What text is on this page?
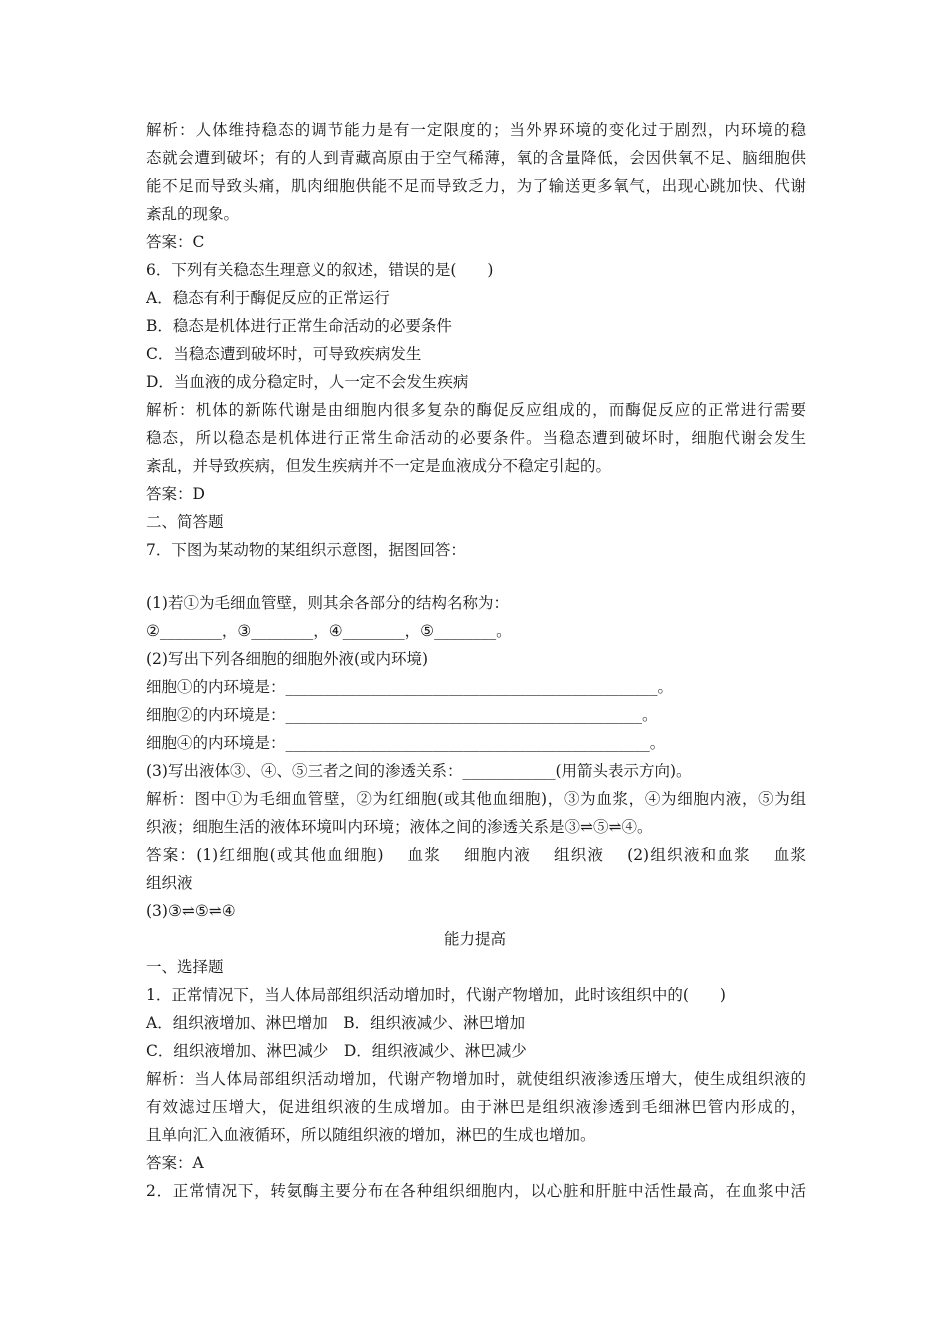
解析：人体维持稳态的调节能力是有一定限度的；当外界环境的变化过于剧烈，内环境的稳
态就会遭到破坏；有的人到青藏高原由于空气稀薄，氧的含量降低，会因供氧不足、脑细胞供
能不足而导致头痛，肌肉细胞供能不足而导致乏力，为了输送更多氧气，出现心跳加快、代谢
紊乱的现象。
答案：C
6．下列有关稳态生理意义的叙述，错误的是(　　)
A．稳态有利于酶促反应的正常运行
B．稳态是机体进行正常生命活动的必要条件
C．当稳态遭到破坏时，可导致疾病发生
D．当血液的成分稳定时，人一定不会发生疾病
解析：机体的新陈代谢是由细胞内很多复杂的酶促反应组成的，而酶促反应的正常进行需要
稳态，所以稳态是机体进行正常生命活动的必要条件。当稳态遭到破坏时，细胞代谢会发生
紊乱，并导致疾病，但发生疾病并不一定是血液成分不稳定引起的。
答案：D
二、简答题
7．下图为某动物的某组织示意图，据图回答：
(1)若①为毛细血管壁，则其余各部分的结构名称为：
②________，③________，④________，⑤________。
(2)写出下列各细胞的细胞外液(或内环境)
细胞①的内环境是：________________________________________________。
细胞②的内环境是：______________________________________________。
细胞④的内环境是：_______________________________________________。
(3)写出液体③、④、⑤三者之间的渗透关系：____________(用箭头表示方向)。
解析：图中①为毛细血管壁，②为红细胞(或其他血细胞)，③为血浆，④为细胞内液，⑤为组
织液；细胞生活的液体环境叫内环境；液体之间的渗透关系是③⇌⑤⇌④。
答案：(1)红细胞(或其他血细胞)　 血浆　 细胞内液　 组织液　 (2)组织液和血浆　 血浆
组织液
(3)③⇌⑤⇌④
能力提高
一、选择题
1．正常情况下，当人体局部组织活动增加时，代谢产物增加，此时该组织中的(　　)
A．组织液增加、淋巴增加　B．组织液减少、淋巴增加
C．组织液增加、淋巴减少　D．组织液减少、淋巴减少
解析：当人体局部组织活动增加，代谢产物增加时，就使组织液渗透压增大，使生成组织液的
有效滤过压增大，促进组织液的生成增加。由于淋巴是组织液渗透到毛细淋巴管内形成的，
且单向汇入血液循环，所以随组织液的增加，淋巴的生成也增加。
答案：A
2．正常情况下，转氨酶主要分布在各种组织细胞内，以心脏和肝脏中活性最高，在血浆中活
